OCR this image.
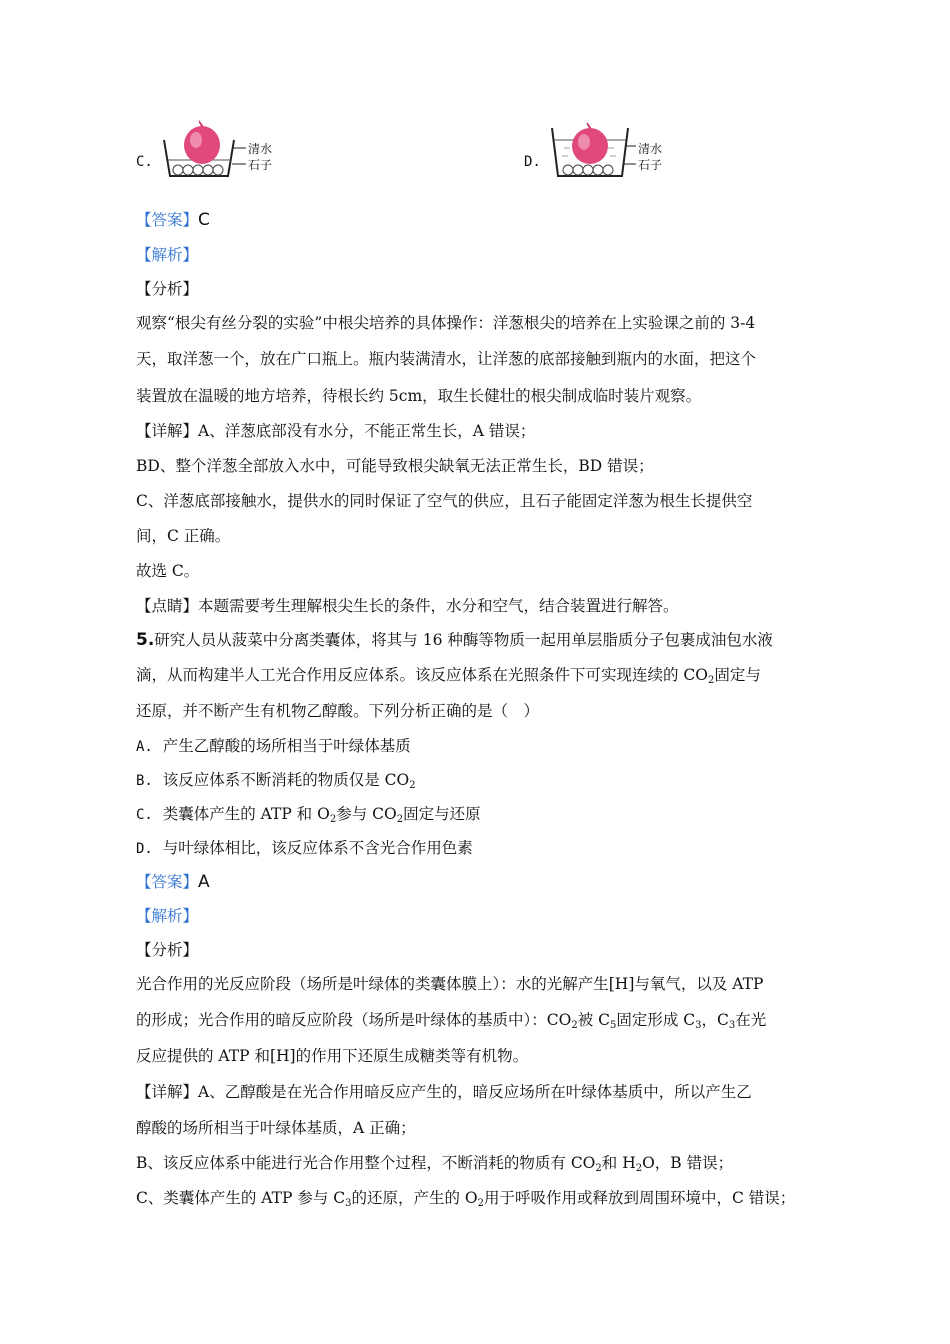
C.
清水
石子	D.
清水
石子
【答案】C
【解析】
【分析】
观察“根尖有丝分裂的实验”中根尖培养的具体操作：洋葱根尖的培养在上实验课之前的 3-4
天，取洋葱一个，放在广口瓶上。瓶内装满清水，让洋葱的底部接触到瓶内的水面，把这个
装置放在温暖的地方培养，待根长约 5cm，取生长健壮的根尖制成临时装片观察。
【详解】A、洋葱底部没有水分，不能正常生长，A 错误；
BD、整个洋葱全部放入水中，可能导致根尖缺氧无法正常生长，BD 错误；
C、洋葱底部接触水，提供水的同时保证了空气的供应，且石子能固定洋葱为根生长提供空
间，C 正确。
故选 C。
【点睛】本题需要考生理解根尖生长的条件，水分和空气，结合装置进行解答。
5.研究人员从菠菜中分离类囊体，将其与 16 种酶等物质一起用单层脂质分子包裹成油包水液
滴，从而构建半人工光合作用反应体系。该反应体系在光照条件下可实现连续的 $CO_2$固定与
还原，并不断产生有机物乙醇酸。下列分析正确的是（　）
A. 产生乙醇酸的场所相当于叶绿体基质
B. 该反应体系不断消耗的物质仅是 $CO_2$
C. 类囊体产生的 ATP 和 $O_2$参与 $CO_2$固定与还原
D. 与叶绿体相比，该反应体系不含光合作用色素
【答案】A
【解析】
【分析】
光合作用的光反应阶段（场所是叶绿体的类囊体膜上）：水的光解产生[H]与氧气，以及 ATP
的形成；光合作用的暗反应阶段（场所是叶绿体的基质中）：$CO_2$被 $C_5$固定形成 $C_3$，$C_3$在光
反应提供的 ATP 和[H]的作用下还原生成糖类等有机物。
【详解】A、乙醇酸是在光合作用暗反应产生的，暗反应场所在叶绿体基质中，所以产生乙
醇酸的场所相当于叶绿体基质，A 正确；
B、该反应体系中能进行光合作用整个过程，不断消耗的物质有 $CO_2$和 $H_2O$，B 错误；
C、类囊体产生的 ATP 参与 $C_3$的还原，产生的 $O_2$用于呼吸作用或释放到周围环境中，C 错误；
